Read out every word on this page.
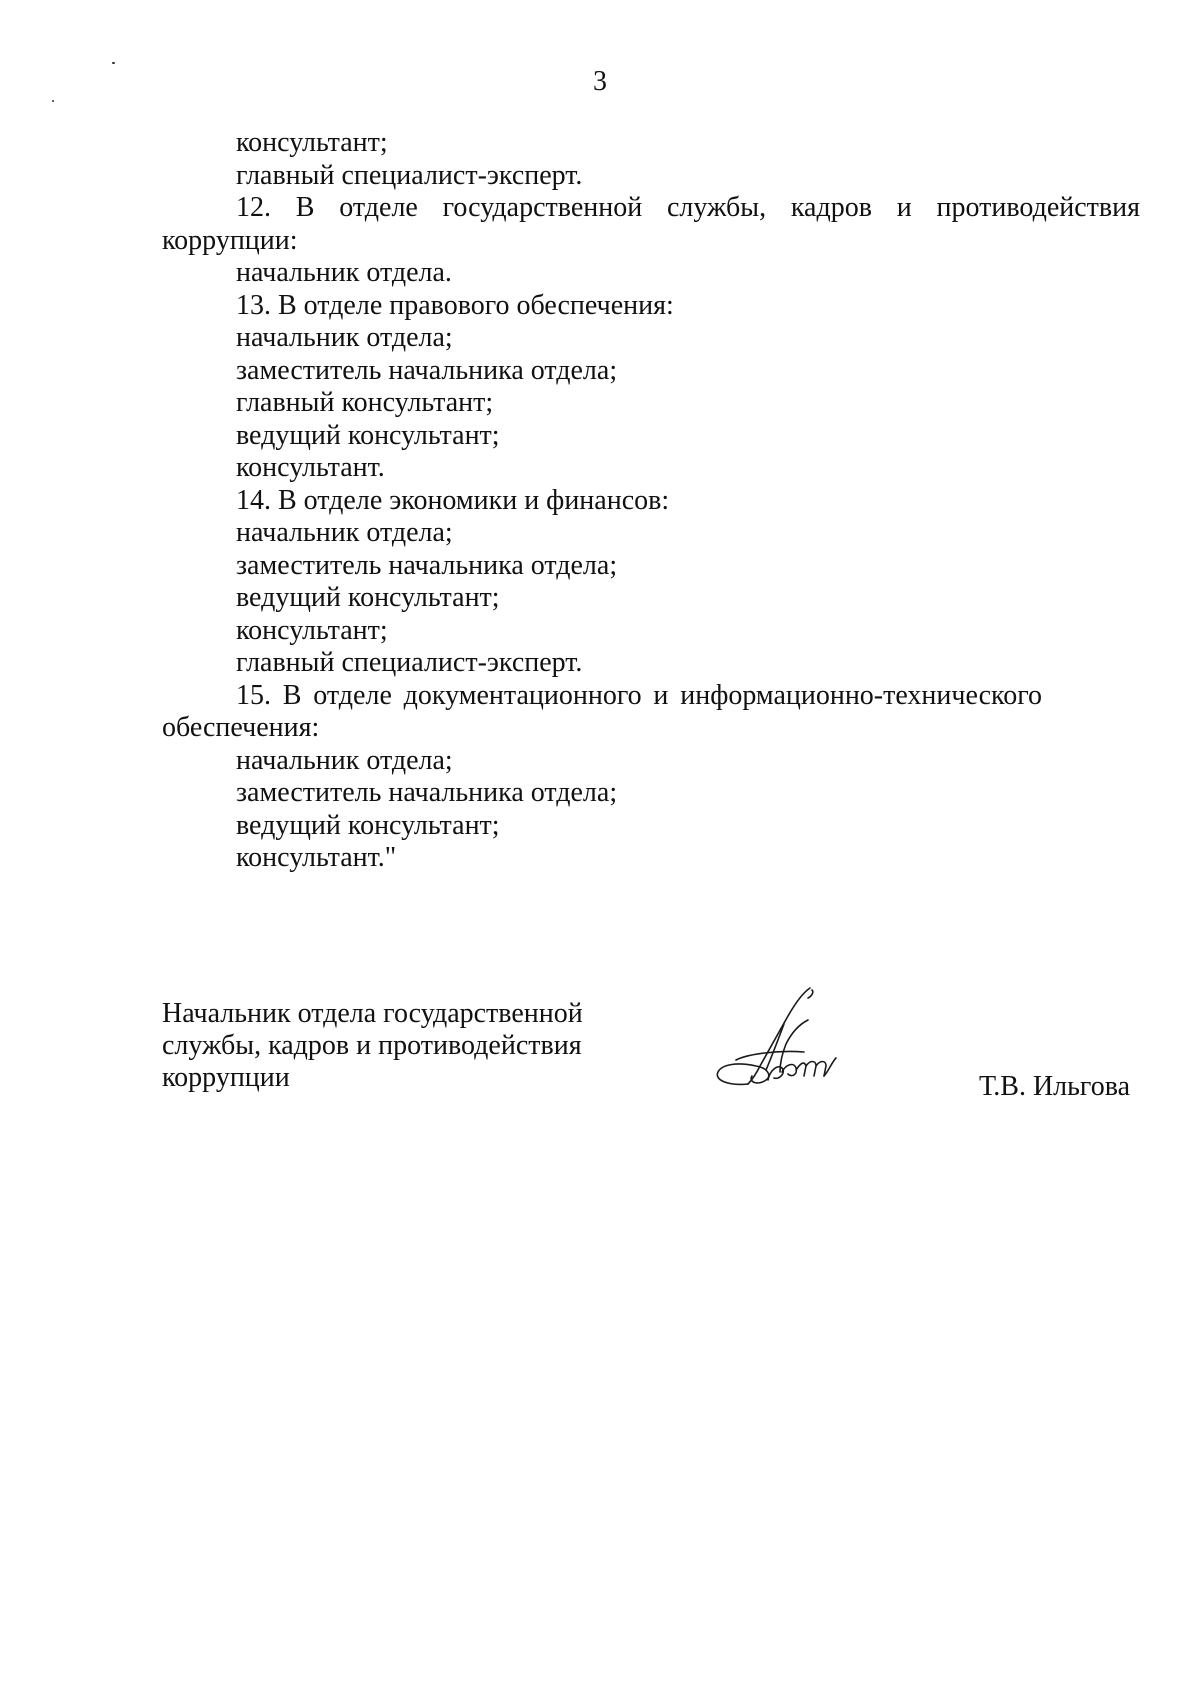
3
консультант;
главный специалист-эксперт.
12. В отделе государственной службы, кадров и противодействия коррупции:
начальник отдела.
13. В отделе правового обеспечения:
начальник отдела;
заместитель начальника отдела;
главный консультант;
ведущий консультант;
консультант.
14. В отделе экономики и финансов:
начальник отдела;
заместитель начальника отдела;
ведущий консультант;
консультант;
главный специалист-эксперт.
15. В отделе документационного и информационно-технического обеспечения:
начальник отдела;
заместитель начальника отдела;
ведущий консультант;
консультант."
Начальник отдела государственной
службы, кадров и противодействия
коррупции	Т.В. Ильгова
